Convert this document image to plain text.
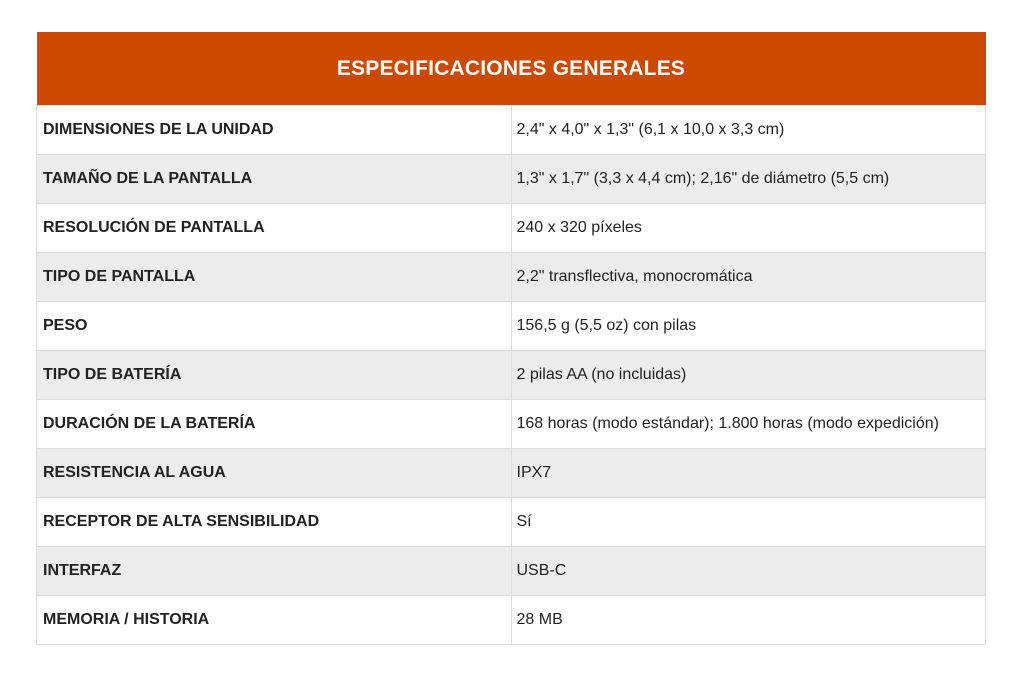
ESPECIFICACIONES GENERALES	
DIMENSIONES DE LA UNIDAD	2,4" x 4,0" x 1,3" (6,1 x 10,0 x 3,3 cm)
TAMAÑO DE LA PANTALLA	1,3" x 1,7" (3,3 x 4,4 cm); 2,16" de diámetro (5,5 cm)
RESOLUCIÓN DE PANTALLA	240 x 320 píxeles
TIPO DE PANTALLA	2,2" transflectiva, monocromática
PESO	156,5 g (5,5 oz) con pilas
TIPO DE BATERÍA	2 pilas AA (no incluidas)
DURACIÓN DE LA BATERÍA	168 horas (modo estándar); 1.800 horas (modo expedición)
RESISTENCIA AL AGUA	IPX7
RECEPTOR DE ALTA SENSIBILIDAD	Sí
INTERFAZ	USB-C
MEMORIA / HISTORIA	28 MB
